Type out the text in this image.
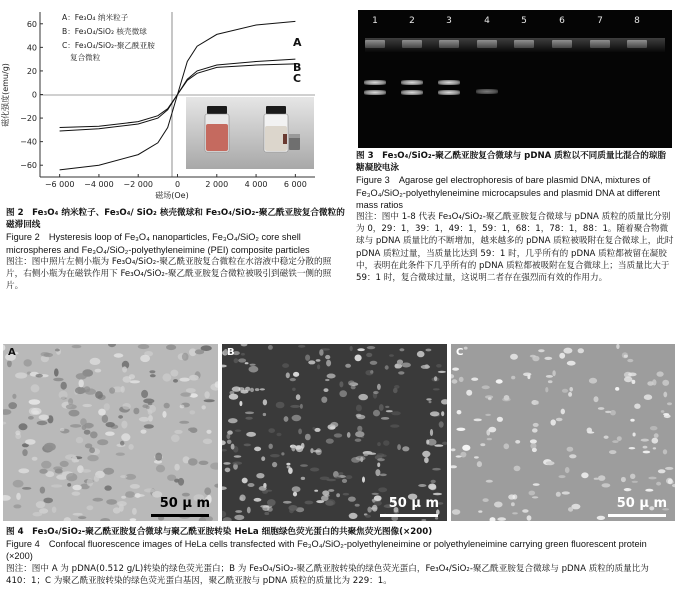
A：Fe₃O₄ 纳米粒子
B：Fe₃O₄/SiO₂ 核壳微球
C：Fe₃O₄/SiO₂-聚乙酰亚胺
复合微粒
−6 000 −4 000 −2 000	0	2 000 4 000 6 000
60
40
20
0
−20
−40
−60
磁场(Oe)
磁化强度(emu/g)
A
B
C
图 2　Fe₃O₄ 纳米粒子、Fe₃O₄/ SiO₂ 核壳微球和 Fe₃O₄/SiO₂-聚乙酰亚胺复合微粒的磁滞回线
Figure 2　Hysteresis loop of Fe₃O₄ nanoparticles, Fe₃O₄/SiO₂ core shell microspheres and Fe₃O₄/SiO₂-polyethyleneimine (PEI) composite particles
图注：图中照片左侧小瓶为 Fe₃O₄/SiO₂-聚乙酰亚胺复合微粒在水溶液中稳定分散的照片，右侧小瓶为在磁铁作用下 Fe₃O₄/SiO₂-聚乙酰亚胺复合微粒被吸引到磁铁一侧的照片。
1	2	3	4	5	6	7	8
图 3　Fe₃O₄/SiO₂-聚乙酰亚胺复合微球与 pDNA 质粒以不同质量比混合的琼脂糖凝胶电泳
Figure 3　Agarose gel electrophoresis of bare plasmid DNA, mixtures of Fe₃O₄/SiO₂-polyethyleneimine microcapsules and plasmid DNA at different mass ratios
图注：图中 1-8 代表 Fe₃O₄/SiO₂-聚乙酰亚胺复合微球与 pDNA 质粒的质量比分别为 0，29：1，39：1，49：1，59：1，68：1，78：1，88：1。随着聚合物微球与 pDNA 质量比的不断增加，越来越多的 pDNA 质粒被吸附在复合微球上，此时 pDNA 质粒过量，当质量比达到 59：1 时，几乎所有的 pDNA 质粒都被留在凝胶中，表明在此条件下几乎所有的 pDNA 质粒都被吸附在复合微球上；当质量比大于 59：1 时，复合微球过量，这说明二者存在强烈而有效的作用力。
A
50 μ m
B
50 μ m
C
50 μ m
图 4　Fe₃O₄/SiO₂-聚乙酰亚胺复合微球与聚乙酰亚胺转染 HeLa 细胞绿色荧光蛋白的共聚焦荧光图像(×200)
Figure 4　Confocal fluorescence images of HeLa cells transfected with Fe₃O₄/SiO₂-polyethyleneimine or polyethyleneimine carrying green fluorescent protein (×200)
图注：图中 A 为 pDNA(0.512 g/L)转染的绿色荧光蛋白；B 为 Fe₃O₄/SiO₂-聚乙酰亚胺转染的绿色荧光蛋白，Fe₃O₄/SiO₂-聚乙酰亚胺复合微球与 pDNA 质粒的质量比为 410：1；C 为聚乙酰亚胺转染的绿色荧光蛋白基因，聚乙酰亚胺与 pDNA 质粒的质量比为 229：1。
